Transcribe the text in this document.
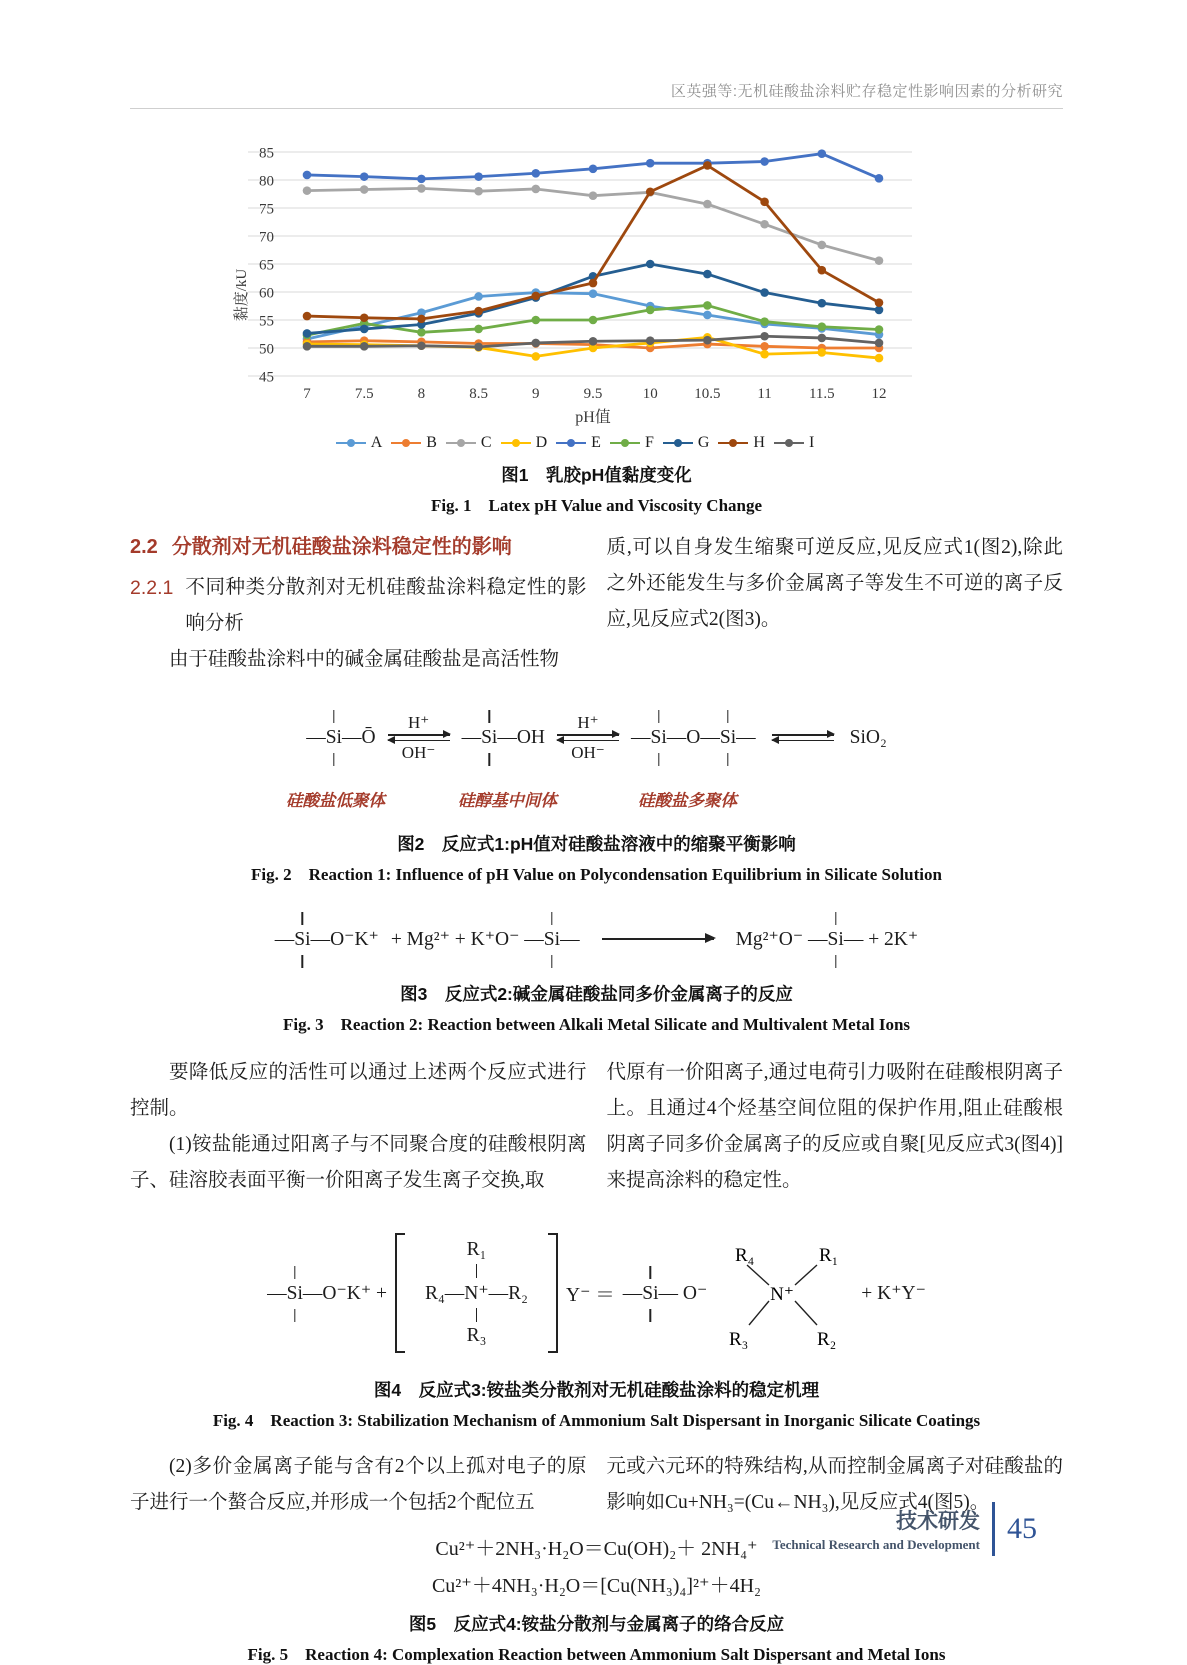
区英强等:无机硅酸盐涂料贮存稳定性影响因素的分析研究
45
50
55
60
65
70
75
80
85
7	7.5	8	8.5	9	9.5	10 10.5 11 11.5 12
黏度/kU
pH值
A	B	C	D	E	F	G	H	I
图1　乳胶pH值黏度变化
Fig. 1　Latex pH Value and Viscosity Change
2.2 分散剂对无机硅酸盐涂料稳定性的影响
2.2.1 不同种类分散剂对无机硅酸盐涂料稳定性的影响分析

由于硅酸盐涂料中的碱金属硅酸盐是高活性物

质,可以自身发生缩聚可逆反应,见反应式1(图2),除此之外还能发生与多价金属离子等发生不可逆的离子反应,见反应式2(图3)。

—Si—Ō
H⁺
OH⁻
—Si—OH
H⁺
OH⁻
—Si—O—Si— ⇌ SiO₂
硅酸盐低聚体	硅醇基中间体	硅酸盐多聚体
图2　反应式1:pH值对硅酸盐溶液中的缩聚平衡影响
Fig. 2　Reaction 1: Influence of pH Value on Polycondensation Equilibrium in Silicate Solution
—Si—O⁻K⁺ + Mg²⁺ + K⁺O⁻ —Si—	Mg²⁺O⁻ —Si— + 2K⁺
图3　反应式2:碱金属硅酸盐同多价金属离子的反应
Fig. 3　Reaction 2: Reaction between Alkali Metal Silicate and Multivalent Metal Ions

要降低反应的活性可以通过上述两个反应式进行控制。

(1)铵盐能通过阳离子与不同聚合度的硅酸根阴离子、硅溶胶表面平衡一价阳离子发生离子交换,取

代原有一价阳离子,通过电荷引力吸附在硅酸根阴离子上。且通过4个烃基空间位阻的保护作用,阻止硅酸根阴离子同多价金属离子的反应或自聚[见反应式3(图4)]来提高涂料的稳定性。

—Si—O⁻K⁺ +
R₁
R₄—N⁺—R₂
R₃
Y⁻ ＝ —Si— O⁻
R₄	R₁
R₃	R₂
N⁺	+ K⁺Y⁻
图4　反应式3:铵盐类分散剂对无机硅酸盐涂料的稳定机理
Fig. 4　Reaction 3: Stabilization Mechanism of Ammonium Salt Dispersant in Inorganic Silicate Coatings

(2)多价金属离子能与含有2个以上孤对电子的原子进行一个螯合反应,并形成一个包括2个配位五

元或六元环的特殊结构,从而控制金属离子对硅酸盐的影响如Cu+NH₃=(Cu←NH₃),见反应式4(图5)。

Cu²⁺＋2NH₃·H₂O＝Cu(OH)₂＋ 2NH₄⁺
Cu²⁺＋4NH₃·H₂O＝[Cu(NH₃)₄]²⁺＋4H₂
图5　反应式4:铵盐分散剂与金属离子的络合反应
Fig. 5　Reaction 4: Complexation Reaction between Ammonium Salt Dispersant and Metal Ions
技术研发
Technical Research and Development 45
